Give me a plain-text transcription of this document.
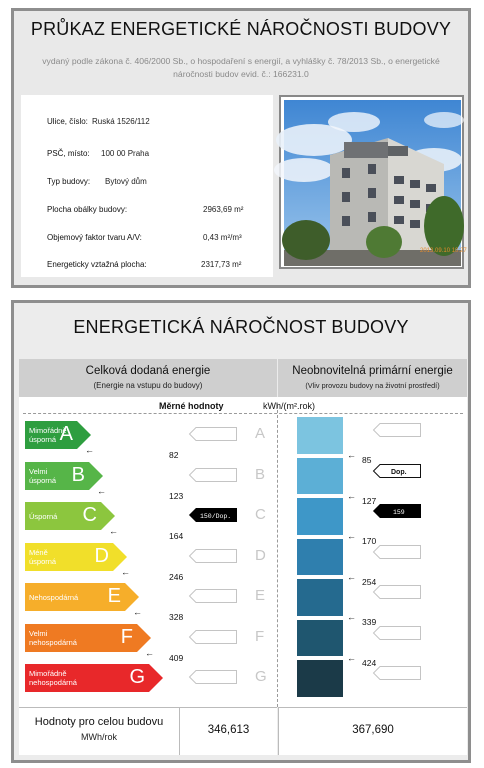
PRŮKAZ ENERGETICKÉ NÁROČNOSTI BUDOVY
vydaný podle zákona č. 406/2000 Sb., o hospodaření s energií, a vyhlášky č. 78/2013 Sb., o energetické náročnosti budov evid. č.: 166231.0
Ulice, číslo: Ruská 1526/112
PSČ, místo: 100 00 Praha
Typ budovy: Bytový dům
Plocha obálky budovy:	2963,69 m²
Objemový faktor tvaru A/V:	0,43 m²/m³
Energeticky vztažná plocha:	2317,73 m²
2013.09.10 10:27
ENERGETICKÁ NÁROČNOST BUDOVY
Celková dodaná energie
(Energie na vstupu do budovy)
Neobnovitelná primární energie
(Vliv provozu budovy na životní prostředí)
Měrné hodnoty	kWh/(m².rok)
Mimořádně
úsporná A	A
Velmi
úsporná B	B
Úsporná C	C
Méně
úsporná D	D
Nehospodárná E	E
Velmi
nehospodárná F	F
Mimořádně
nehospodárná	G	G
82
←
123
←
164
←
246
←
328
←
409
←
← 85
← 127
← 170
← 254
← 339
← 424
150/Dop.
Dop.
159
Hodnoty pro celou budovu
MWh/rok
346,613	367,690
